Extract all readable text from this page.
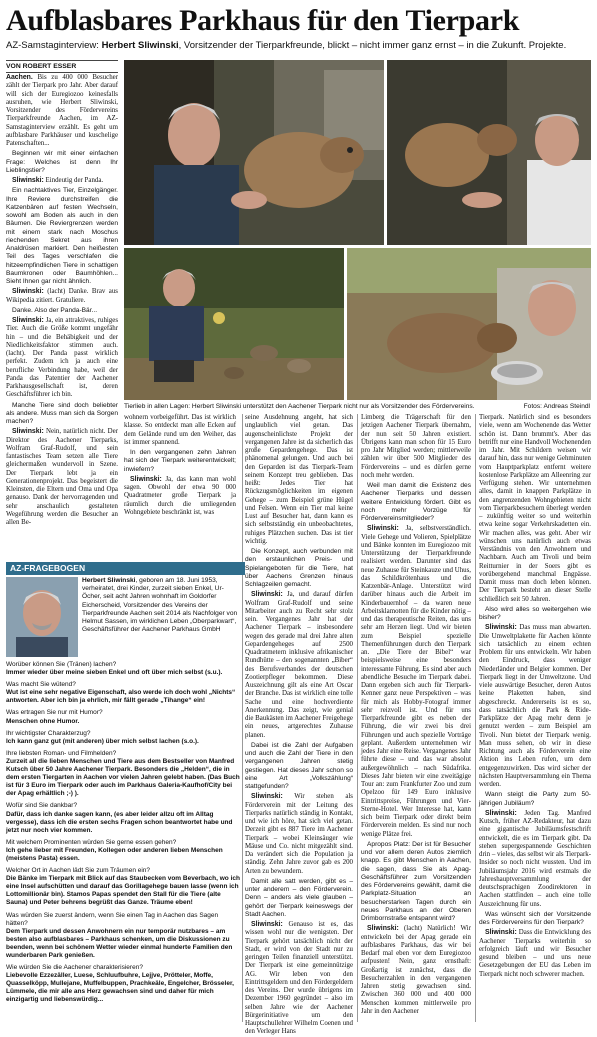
Aufblasbares Parkhaus für den Tierpark
AZ-Samstaginterview: Herbert Sliwinski, Vorsitzender der Tierparkfreunde, blickt – nicht immer ganz ernst – in die Zukunft. Projekte.
VON ROBERT ESSER
Tierlieb in allen Lagen: Herbert Sliwinski unterstützt den Aachener Tierpark nicht nur als Vorsitzender des Fördervereins.	Fotos: Andreas Steindl

Aachen. Bis zu 400 000 Besucher zählt der Tierpark pro Jahr. Aber darauf will sich der Euregiozoo keinesfalls ausruhen, wie Herbert Sliwinski, Vorsitzender des Fördervereins Tierparkfreunde Aachen, im AZ-Samstaginterview erzählt. Es geht um aufblasbare Parkhäuser und kuschelige Patenschaften...

Beginnen wir mit einer einfachen Frage: Welches ist denn Ihr Lieblingstier?

Sliwinski: Eindeutig der Panda.

Ein nachtaktives Tier, Einzelgänger. Ihre Reviere durchstreifen die Katzenbären auf festen Wechseln, sowohl am Boden als auch in den Bäumen. Die Reviergrenzen werden mit einem stark nach Moschus riechenden Sekret aus ihren Analdrüsen markiert. Den heißesten Teil des Tages verschlafen die hitzeempfindlichen Tiere in schattigen Baumkronen oder Baumhöhlen... Sieht Ihnen gar nicht ähnlich.

Sliwinski: (lacht) Danke. Brav aus Wikipedia zitiert. Gratuliere.

Danke. Also der Panda-Bär...

Sliwinski: Ja, ein attraktives, ruhiges Tier. Auch die Größe kommt ungefähr hin – und die Behäbigkeit und der Niedlichkeitsfaktor stimmen auch. (lacht). Der Panda passt wirklich perfekt. Zudem ich ja auch eine berufliche Verbindung habe, weil der Panda das Patentier der Aachener Parkhausgesellschaft ist, deren Geschäftsführer ich bin.

Manche Tiere sind doch beliebter als andere. Muss man sich da Sorgen machen?

Sliwinski: Nein, natürlich nicht. Der Direktor des Aachener Tierparks, Wolfram Graf-Rudolf, und sein fantastisches Team setzen alle Tiere gleichermaßen wundervoll in Szene. Der Tierpark lebt ja ein Generationenprojekt. Das begeistert die Kleinsten, die Eltern und Oma und Opa genauso. Dank der hervorragenden und sehr anschaulich gestalteten Wegeführung werden die Besucher an allen Be-

wohnern vorbeigeführt. Das ist wirklich klasse. So entdeckt man alle Ecken auf dem Gelände rund um den Weiher, das ist immer spannend.

In den vergangenen zehn Jahren hat sich der Tierpark weiterentwickelt; inwiefern?

Sliwinski: Ja, das kann man wohl sagen. Obwohl der etwa 90 000 Quadratmeter große Tierpark ja räumlich durch die umliegenden Wohngebiete beschränkt ist, was

seine Ausdehnung angeht, hat sich unglaublich viel getan. Das augenscheinlichste Projekt der vergangenen Jahre ist da sicherlich das große Gepardengehege. Das ist phänomenal gelungen. Und auch bei den Geparden ist das Tierpark-Team seinem Konzept treu geblieben. Das heißt: Jedes Tier hat Rückzugsmöglichkeiten im eigenen Gehege – zum Beispiel grüne Hügel und Felsen. Wenn ein Tier mal keine Lust auf Besucher hat, dann kann es sich selbstständig ein unbeobachtetes, ruhiges Plätzchen suchen. Das ist tier wichtig.

Die Konzept, auch verbunden mit den erstaunlichen Preis- und Spielangeboten für die Tiere, hat über Aachens Grenzen hinaus Schlagzeilen gemacht.

Sliwinski: Ja, und darauf dürfen Wolfram Graf-Rudolf und seine Mitarbeiter auch zu Recht sehr stolz sein. Vergangenes Jahr hat der Aachener Tierpark – insbesondere wegen des gerade mal drei Jahre alten Gepardengeheges auf 2500 Quadratmetern inklusive afrikanischer Rundhütte – den sogenannten „Biber“ des Berufsverbandes der deutschen Zootierpfleger bekommen. Diese Auszeichnung gilt als eine Art Oscar der Branche. Das ist wirklich eine tolle Sache und eine hochverdiente Anerkennung. Das zeigt, wie genial die Baukästen im Aachener Freigehege ein neues, artgerechtes Zuhause planen.

Dabei ist die Zahl der Aufgaben und auch die Zahl der Tiere in den vergangenen Jahren stetig gestiegen. Hat dieses Jahr schon so eine Art „Volkszählung“ stattgefunden?

Sliwinski: Wir stehen als Förderverein mit der Leitung des Tierparks natürlich ständig in Kontakt, und wie ich höre, hat sich viel getan. Derzeit gibt es 887 Tiere im Aachener Tierpark – wobei Kleinsäuger wie Mäuse und Co. nicht mitgezählt sind. Da verändert sich die Population ja ständig. Zehn Jahre zuvor gab es 200 Arten zu bewundern.

Damit alle satt werden, gibt es – unter anderem – den Förderverein. Denn – anders als viele glauben – gehört der Tierpark keineswegs der Stadt Aachen.

Sliwinski: Genauso ist es, das wissen wohl nur die wenigsten. Der Tierpark gehört tatsächlich nicht der Stadt, er wird von der Stadt nur zu geringen Teilen finanziell unterstützt. Der Tierpark ist eine gemeinnützige AG. Wir leben von den Eintrittsgeldern und den Fördergeldern des Vereins. Der wurde übrigens im Dezember 1960 gegründet – also im selben Jahre wie der Aachener Bürgerinitiative um den Hauptschullehrer Wilhelm Coenen und den Verleger Hans

Limberg die Trägerschaft für den jetzigen Aachener Tierpark übernahm, der nun seit 50 Jahren existiert. Übrigens kann man schon für 15 Euro pro Jahr Mitglied werden; mittlerweile zählen wir über 500 Mitglieder des Fördervereins – und es dürfen gerne noch mehr werden.

Weil man damit die Existenz des Aachener Tierparks und dessen weitere Entwicklung fördert. Gibt es noch mehr Vorzüge für Fördervereinsmitglieder?

Sliwinski: Ja, selbstverständlich. Viele Gehege und Volieren, Spielplätze und Bänke konnten im Euregiozoo mit Unterstützung der Tierparkfreunde realisiert werden. Darunter sind das neue Zuhause für Steinkauze und Uhus, das Schildkrötenhaus und die Katzenbär-Anlage. Unterstützt wird darüber hinaus auch die Arbeit im Kinderbauernhof – da waren neue Arbeitsklamotten für die Kinder nötig – und das therapeutische Reiten, das uns sehr am Herzen liegt. Und wir bieten zum Beispiel spezielle Themenführungen durch den Tierpark an. „Die Tiere der Bibel“ war beispielsweise eine besonders interessante Führung. Es sind aber auch abendliche Besuche im Tierpark dabei. Dann ergeben sich auch für Tierpark-Kenner ganz neue Perspektiven – was für mich als Hobby-Fotograf immer sehr reizvoll ist. Und für uns Tierparkfreunde gibt es neben der Führung, die wir zwei bis drei Führungen und auch spezielle Vorträge geplant. Außerdem unternehmen wir jedes Jahr eine Reise. Vergangenes Jahr führte diese – und das war absolut außergewöhnlich – nach Südafrika. Dieses Jahr bieten wir eine zweitägige Tour an: zum Frankfurter Zoo und zum Opelzoo für 149 Euro inklusive Eintrittspreise, Führungen und Vier-Sterne-Hotel. Wer Interesse hat, kann sich beim Tierpark oder direkt beim Förderverein melden. Es sind nur noch wenige Plätze frei.

Apropos Platz: Der ist für Besucher und vor allem deren Autos ziemlich knapp. Es gibt Menschen in Aachen, die sagen, dass Sie als Apag-Geschäftsführer zum Vorsitzenden des Fördervereins gewählt, damit die Parkplatz-Situation an besucherstarken Tagen durch ein neues Parkhaus an der Oberen Drimbornstraße entspannt wird?

Sliwinski: (lacht) Natürlich! Wir entwickeln bei der Apag gerade ein aufblasbares Parkhaus, das wir bei Bedarf mal eben vor dem Euregiozoo aufpusten! Nein, ganz ernsthaft: Großartig ist zunächst, dass die Besucherzahlen in den vergangenen Jahren stetig gewachsen sind. Zwischen 360 000 und 400 000 Menschen kommen mittlerweile pro Jahr in den Aachener

Tierpark. Natürlich sind es besonders viele, wenn am Wochenende das Wetter schön ist. Dann brummt's. Aber das betrifft nur eine Handvoll Wochenenden im Jahr. Mit Schildern weisen wir darauf hin, dass nur wenige Gehminuten vom Hauptparkplatz entfernt weitere kostenlose Parkplätze am Alleenring zur Verfügung stehen. Wir unternehmen alles, damit in knappen Parkplätze in den angrenzenden Wohngebieten nicht vom Tierparkbesuchern überlegt werden – zukünftig weiter so und weiterhin etwa keine sogar Verkehrskadetten ein. Wir machen alles, was geht. Aber wir wünschen uns natürlich auch etwas Verständnis von den Anwohnern und Nachbarn. Auch am Tivoli und beim Reitturnier in der Soers gibt es vorübergehend manchmal Engpässe. Damit muss man doch leben können. Der Tierpark besteht an dieser Stelle schließlich seit 50 Jahren.

Also wird alles so weitergehen wie bisher?

Sliwinski: Das muss man abwarten. Die Umweltplakette für Aachen könnte sich tatsächlich zu einem echten Problem für uns entwickeln. Wir haben den Eindruck, dass weniger Niederländer und Belgier kommen. Der Tierpark liegt in der Umweltzone. Und viele auswärtige Besucher, deren Autos keine Plaketten haben, sind abgeschreckt. Andererseits ist es so, dass tatsächlich die Park & Ride-Parkplätze der Apag mehr denn je genutzt werden – zum Beispiel am Tivoli. Nun bietet der Tierpark wenig. Man muss sehen, ob wir in diese Richtung auch als Förderverein eine Aktion ins Leben rufen, um dem entgegenzuwirken. Das wird sicher der nächsten Hauptversammlung ein Thema werden.

Wann steigt die Party zum 50-jährigen Jubiläum?

Sliwinski: Jeden Tag. Manfred Kutsch, früher AZ-Redakteur, hat dazu eine gigantische Jubiläumsfestschrift entwickelt, die es im Tierpark gibt. Da stehen supergespannende Geschichten drin – vieles, das selbst wir als Tierpark-Insider so noch nicht wussten. Und im Jubiläumsjahr 2016 wird erstmals die Jahreshauptversammlung der deutschsprachigen Zoodirektoren in Aachen stattfinden – auch eine tolle Auszeichnung für uns.

Was wünscht sich der Vorsitzende des Fördervereins für den Tierpark?

Sliwinski: Dass die Entwicklung des Aachener Tierparks weiterhin so erfolgreich läuft und wir Besucher gesund bleiben – und uns neue Gesetzgebungen der EU das Leben im Tierpark nicht noch schwerer machen.

AZ-FRAGEBOGEN
Herbert Sliwinski, geboren am 18. Juni 1953, verheiratet, drei Kinder, zurzeit sieben Enkel, Ur-Öcher, seit acht Jahren wohnhaft im Goldorfer Eicherscheid, Vorsitzender des Vereins der Tierparkfreunde Aachen seit 2014 als Nachfolger von Helmut Sassen, im wirklichen Leben „Oberparkwart“, Geschäftsführer der Aachener Parkhaus GmbH

Worüber können Sie (Tränen) lachen?

Immer wieder über meine sieben Enkel und oft über mich selbst (s.u.).

Was macht Sie wütend?

Wut ist eine sehr negative Eigenschaft, also werde ich doch wohl „Nichts“ antworten. Aber ich bin ja ehrlich, mir fällt gerade „Tihange“ ein!

Was ertragen Sie nur mit Humor?

Menschen ohne Humor.

Ihr wichtigster Charakterzug?

Ich kann ganz gut (mit anderen) über mich selbst lachen (s.o.).

Ihre liebsten Roman- und Filmhelden?

Zurzeit all die lieben Menschen und Tiere aus dem Bestseller von Manfred Kutsch über 50 Jahre Aachener Tierpark. Besonders die „Helden“, die in dem ersten Tiergarten in Aachen vor vielen Jahren gelebt haben. (Das Buch ist für 3 Euro im Tierpark oder auch im Parkhaus Galeria-Kaufhof/City bei der Apag erhältlich ;-) ).

Wofür sind Sie dankbar?

Dafür, dass ich danke sagen kann, (es aber leider allzu oft im Alltag vergesse), dass ich die ersten sechs Fragen schon beantwortet habe und jetzt nur noch vier kommen.

Mit welchem Prominenten würden Sie gerne essen gehen?

Ich gehe lieber mit Freunden, Kollegen oder anderen lieben Menschen (meistens Pasta) essen.

Welcher Ort in Aachen lädt Sie zum Träumen ein?

Die Bänke im Tierpark mit Blick auf das Staubecken vom Beverbach, wo ich eine Insel aufschütten und darauf das Gorillagehege bauen lasse (wenn ich Lottomillionär bin). Stamos Papas spendet den Stall für die Tiere (alte Sauna) und Peter behrens begrüßt das Ganze. Träume eben!

Was würden Sie zuerst ändern, wenn Sie einen Tag in Aachen das Sagen hätten?

Dem Tierpark und dessen Anwohnern ein nur temporär nutzbares – am besten also aufblasbares – Parkhaus schenken, um die Diskussionen zu beenden, wenn bei schönem Wetter wieder einmal hunderte Familien den wunderbaren Park genießen.

Wie würden Sie die Aachener charakterisieren?

Liebevolle Ezzezäller, Luese, Schluufbuhre, Lejjve, Prötteler, Moffe, Quasselköpp, Mullejane, Muffelbuppen, Prachkeäle, Engelcher, Brösseler, Lümmele, die mir alle ans Herz gewachsen sind und daher für mich einzigartig und liebenswürdig...
